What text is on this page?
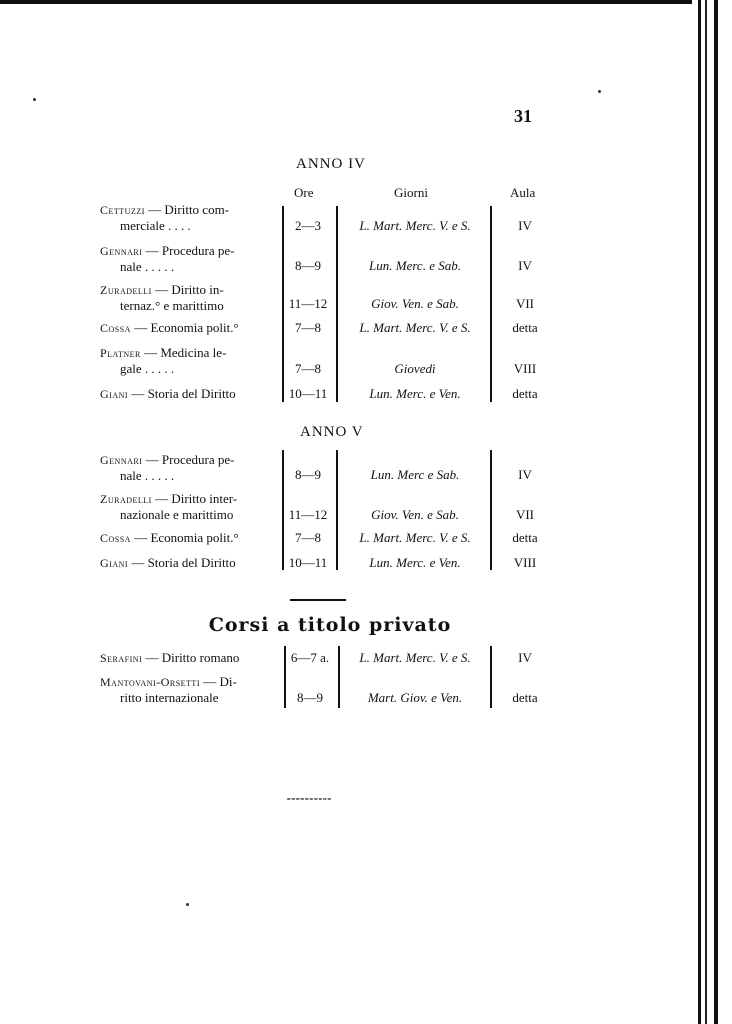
31
ANNO IV
Ore	Giorni	Aula
Cettuzzi — Diritto com-
merciale . . . .	2—3	L. Mart. Merc. V. e S.	IV
Gennari — Procedura pe-
nale . . . . .	8—9	Lun. Merc. e Sab.	IV
Zuradelli — Diritto in-
ternaz.° e marittimo	11—12	Giov. Ven. e Sab.	VII
Cossa — Economia polit.°	7—8	L. Mart. Merc. V. e S.	detta
Platner — Medicina le-
gale . . . . .	7—8	Giovedì	VIII
Giani — Storia del Diritto	10—11	Lun. Merc. e Ven.	detta
ANNO V
Gennari — Procedura pe-
nale . . . . .	8—9	Lun. Merc e Sab.	IV
Zuradelli — Diritto inter-
nazionale e marittimo	11—12	Giov. Ven. e Sab.	VII
Cossa — Economia polit.°	7—8	L. Mart. Merc. V. e S.	detta
Giani — Storia del Diritto	10—11	Lun. Merc. e Ven.	VIII
Corsi a titolo privato
Serafini — Diritto romano	6—7 a.	L. Mart. Merc. V. e S.	IV
Mantovani-Orsetti — Di-
ritto internazionale	8—9	Mart. Giov. e Ven.	detta
⁃⁃⁃⁃⁃⁃⁃⁃⁃⁃
